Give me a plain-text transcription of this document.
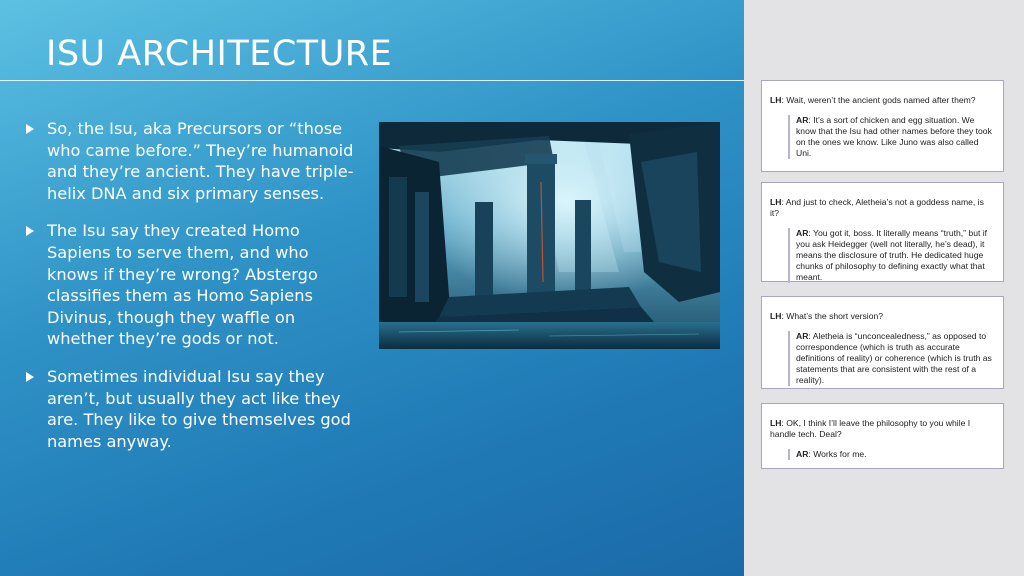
ISU ARCHITECTURE
So, the Isu, aka Precursors or “those who came before.” They’re humanoid and they’re ancient. They have triple-helix DNA and six primary senses.
The Isu say they created Homo Sapiens to serve them, and who knows if they’re wrong? Abstergo classifies them as Homo Sapiens Divinus, though they waffle on whether they’re gods or not.
Sometimes individual Isu say they aren’t, but usually they act like they are. They like to give themselves god names anyway.

LH: Wait, weren’t the ancient gods named after them?

AR: It’s a sort of chicken and egg situation. We know that the Isu had other names before they took on the ones we know. Like Juno was also called Uni.

LH: And just to check, Aletheia’s not a goddess name, is it?

AR: You got it, boss. It literally means “truth,” but if you ask Heidegger (well not literally, he’s dead), it means the disclosure of truth. He dedicated huge chunks of philosophy to defining exactly what that meant.

LH: What’s the short version?

AR: Aletheia is “unconcealedness,” as opposed to correspondence (which is truth as accurate definitions of reality) or coherence (which is truth as statements that are consistent with the rest of a reality).

LH: OK, I think I’ll leave the philosophy to you while I handle tech. Deal?

AR: Works for me.
